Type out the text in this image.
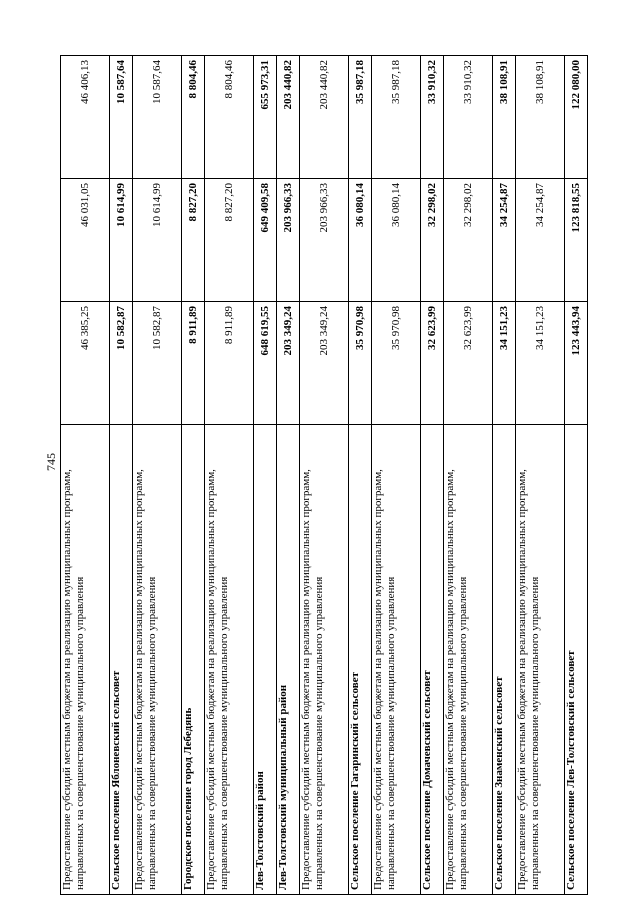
745
Предоставление субсидий местным бюджетам на реализацию муниципальных программ, направленных на совершенствование муниципального управления	46 385,25	46 031,05	46 406,13
Сельское поселение Яблоневский сельсовет	10 582,87	10 614,99	10 587,64
Предоставление субсидий местным бюджетам на реализацию муниципальных программ, направленных на совершенствование муниципального управления	10 582,87	10 614,99	10 587,64
Городское поселение город Лебедянь	8 911,89	8 827,20	8 804,46
Предоставление субсидий местным бюджетам на реализацию муниципальных программ, направленных на совершенствование муниципального управления	8 911,89	8 827,20	8 804,46
Лев-Толстовский район	648 619,55	649 409,58	655 973,31
Лев-Толстовский муниципальный район	203 349,24	203 966,33	203 440,82
Предоставление субсидий местным бюджетам на реализацию муниципальных программ, направленных на совершенствование муниципального управления	203 349,24	203 966,33	203 440,82
Сельское поселение Гагаринский сельсовет	35 970,98	36 080,14	35 987,18
Предоставление субсидий местным бюджетам на реализацию муниципальных программ, направленных на совершенствование муниципального управления	35 970,98	36 080,14	35 987,18
Сельское поселение Домачевский сельсовет	32 623,99	32 298,02	33 910,32
Предоставление субсидий местным бюджетам на реализацию муниципальных программ, направленных на совершенствование муниципального управления	32 623,99	32 298,02	33 910,32
Сельское поселение Знаменский сельсовет	34 151,23	34 254,87	38 108,91
Предоставление субсидий местным бюджетам на реализацию муниципальных программ, направленных на совершенствование муниципального управления	34 151,23	34 254,87	38 108,91
Сельское поселение Лев-Толстовский сельсовет	123 443,94	123 818,55	122 080,00
